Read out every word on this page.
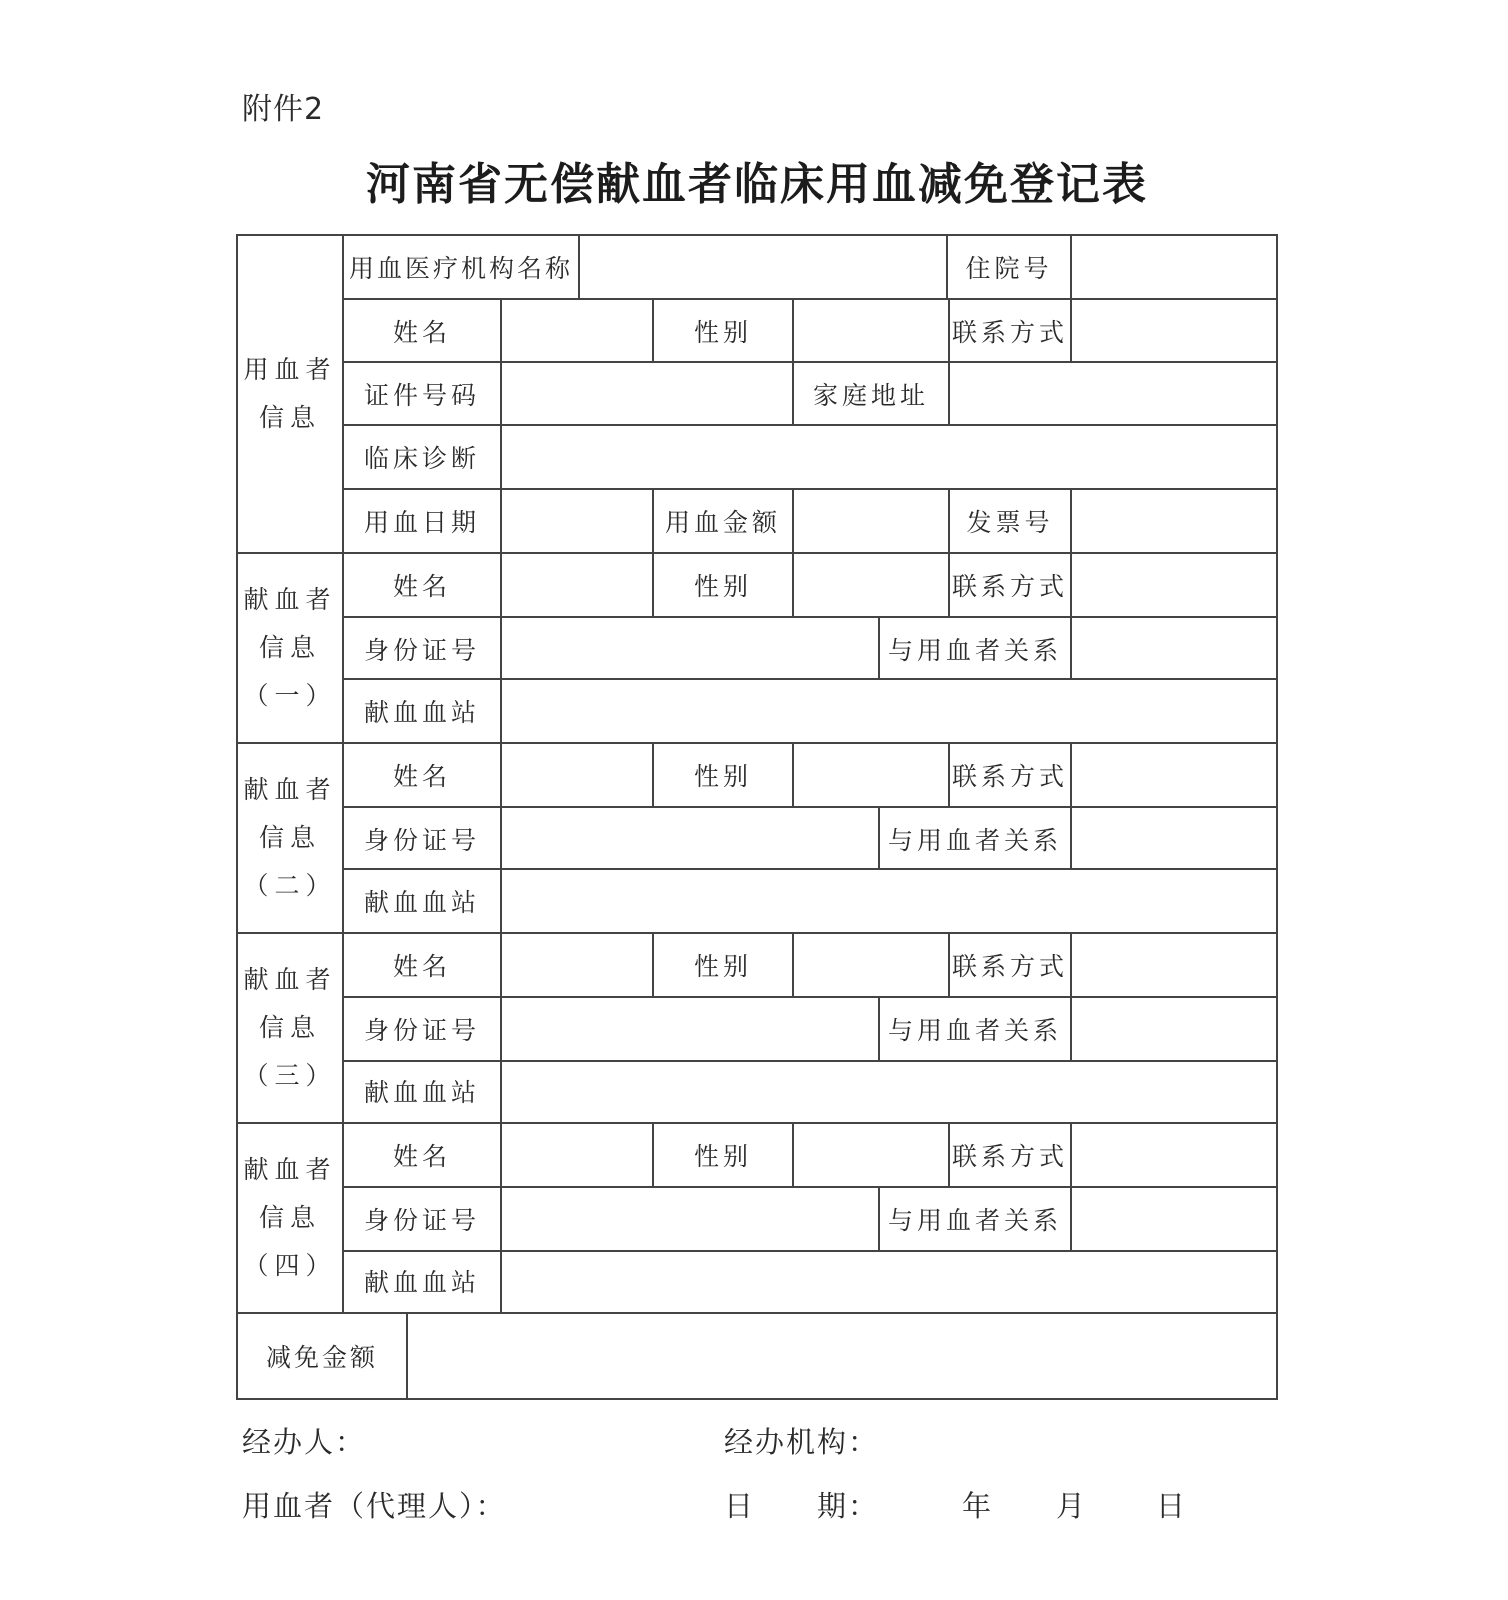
附件2
河南省无偿献血者临床用血减免登记表
用血者
信息
用血医疗机构名称	住院号
姓名	性别	联系方式
证件号码	家庭地址
临床诊断
用血日期	用血金额	发票号
献血者
信息
（一）
姓名	性别	联系方式
身份证号	与用血者关系
献血血站
献血者
信息
（二）
姓名	性别	联系方式
身份证号	与用血者关系
献血血站
献血者
信息
（三）
姓名	性别	联系方式
身份证号	与用血者关系
献血血站
献血者
信息
（四）
姓名	性别	联系方式
身份证号	与用血者关系
献血血站
减免金额
经办人：	经办机构：
用血者（代理人）：	日　　期：	年 月 日
